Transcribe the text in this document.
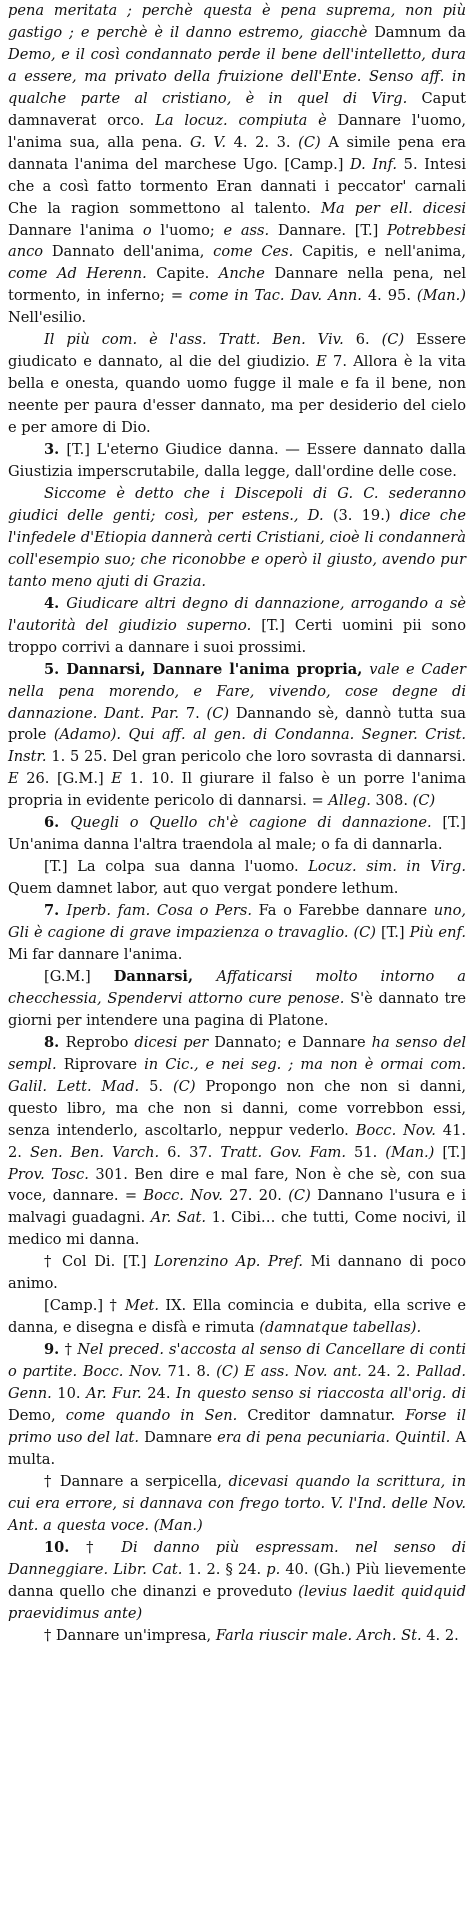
pena meritata ; perchè questa è pena suprema, non più gastigo ; e perchè è il danno estremo, giacchè Damnum da Demo, e il così condannato perde il bene dell'intelletto, dura a essere, ma privato della fruizione dell'Ente. Senso aff. in qualche parte al cristiano, è in quel di Virg. Caput damnaverat orco. La locuz. compiuta è Dannare l'uomo, l'anima sua, alla pena. G. V. 4. 2. 3. (C) A simile pena era dannata l'anima del marchese Ugo. [Camp.] D. Inf. 5. Intesi che a così fatto tormento Eran dannati i peccator' carnali Che la ragion sommettono al talento. Ma per ell. dicesi Dannare l'anima o l'uomo; e ass. Dannare. [T.] Potrebbesi anco Dannato dell'anima, come Ces. Capitis, e nell'anima, come Ad Herenn. Capite. Anche Dannare nella pena, nel tormento, in inferno; = come in Tac. Dav. Ann. 4. 95. (Man.) Nell'esilio.

Il più com. è l'ass. Tratt. Ben. Viv. 6. (C) Essere giudicato e dannato, al die del giudizio. E 7. Allora è la vita bella e onesta, quando uomo fugge il male e fa il bene, non neente per paura d'esser dannato, ma per desiderio del cielo e per amore di Dio.

3. [T.] L'eterno Giudice danna. — Essere dannato dalla Giustizia imperscrutabile, dalla legge, dall'ordine delle cose.

Siccome è detto che i Discepoli di G. C. sederanno giudici delle genti; così, per estens., D. (3. 19.) dice che l'infedele d'Etiopia dannerà certi Cristiani, cioè li condannerà coll'esempio suo; che riconobbe e operò il giusto, avendo pur tanto meno ajuti di Grazia.

4. Giudicare altri degno di dannazione, arrogando a sè l'autorità del giudizio superno. [T.] Certi uomini pii sono troppo corrivi a dannare i suoi prossimi.

5. Dannarsi, Dannare l'anima propria, vale e Cader nella pena morendo, e Fare, vivendo, cose degne di dannazione. Dant. Par. 7. (C) Dannando sè, dannò tutta sua prole (Adamo). Qui aff. al gen. di Condanna. Segner. Crist. Instr. 1. 5 25. Del gran pericolo che loro sovrasta di dannarsi. E 26. [G.M.] E 1. 10. Il giurare il falso è un porre l'anima propria in evidente pericolo di dannarsi. = Alleg. 308. (C)

6. Quegli o Quello ch'è cagione di dannazione. [T.] Un'anima danna l'altra traendola al male; o fa di dannarla.

[T.] La colpa sua danna l'uomo. Locuz. sim. in Virg. Quem damnet labor, aut quo vergat pondere lethum.

7. Iperb. fam. Cosa o Pers. Fa o Farebbe dannare uno, Gli è cagione di grave impazienza o travaglio. (C) [T.] Più enf. Mi far dannare l'anima.

[G.M.] Dannarsi, Affaticarsi molto intorno a checchessia, Spendervi attorno cure penose. S'è dannato tre giorni per intendere una pagina di Platone.

8. Reprobo dicesi per Dannato; e Dannare ha senso del sempl. Riprovare in Cic., e nei seg. ; ma non è ormai com. Galil. Lett. Mad. 5. (C) Propongo non che non si danni, questo libro, ma che non si danni, come vorrebbon essi, senza intenderlo, ascoltarlo, neppur vederlo. Bocc. Nov. 41. 2. Sen. Ben. Varch. 6. 37. Tratt. Gov. Fam. 51. (Man.) [T.] Prov. Tosc. 301. Ben dire e mal fare, Non è che sè, con sua voce, dannare. = Bocc. Nov. 27. 20. (C) Dannano l'usura e i malvagi guadagni. Ar. Sat. 1. Cibi… che tutti, Come nocivi, il medico mi danna.

† Col Di. [T.] Lorenzino Ap. Pref. Mi dannano di poco animo.

[Camp.] † Met. IX. Ella comincia e dubita, ella scrive e danna, e disegna e disfà e rimuta (damnatque tabellas).

9. † Nel preced. s'accosta al senso di Cancellare di conti o partite. Bocc. Nov. 71. 8. (C) E ass. Nov. ant. 24. 2. Pallad. Genn. 10. Ar. Fur. 24. In questo senso si riaccosta all'orig. di Demo, come quando in Sen. Creditor damnatur. Forse il primo uso del lat. Damnare era di pena pecuniaria. Quintil. A multa.

† Dannare a serpicella, dicevasi quando la scrittura, in cui era errore, si dannava con frego torto. V. l'Ind. delle Nov. Ant. a questa voce. (Man.)

10. † Di danno più espressam. nel senso di Danneggiare. Libr. Cat. 1. 2. § 24. p. 40. (Gh.) Più lievemente danna quello che dinanzi e proveduto (levius laedit quidquid praevidimus ante)

† Dannare un'impresa, Farla riuscir male. Arch. St. 4. 2.
